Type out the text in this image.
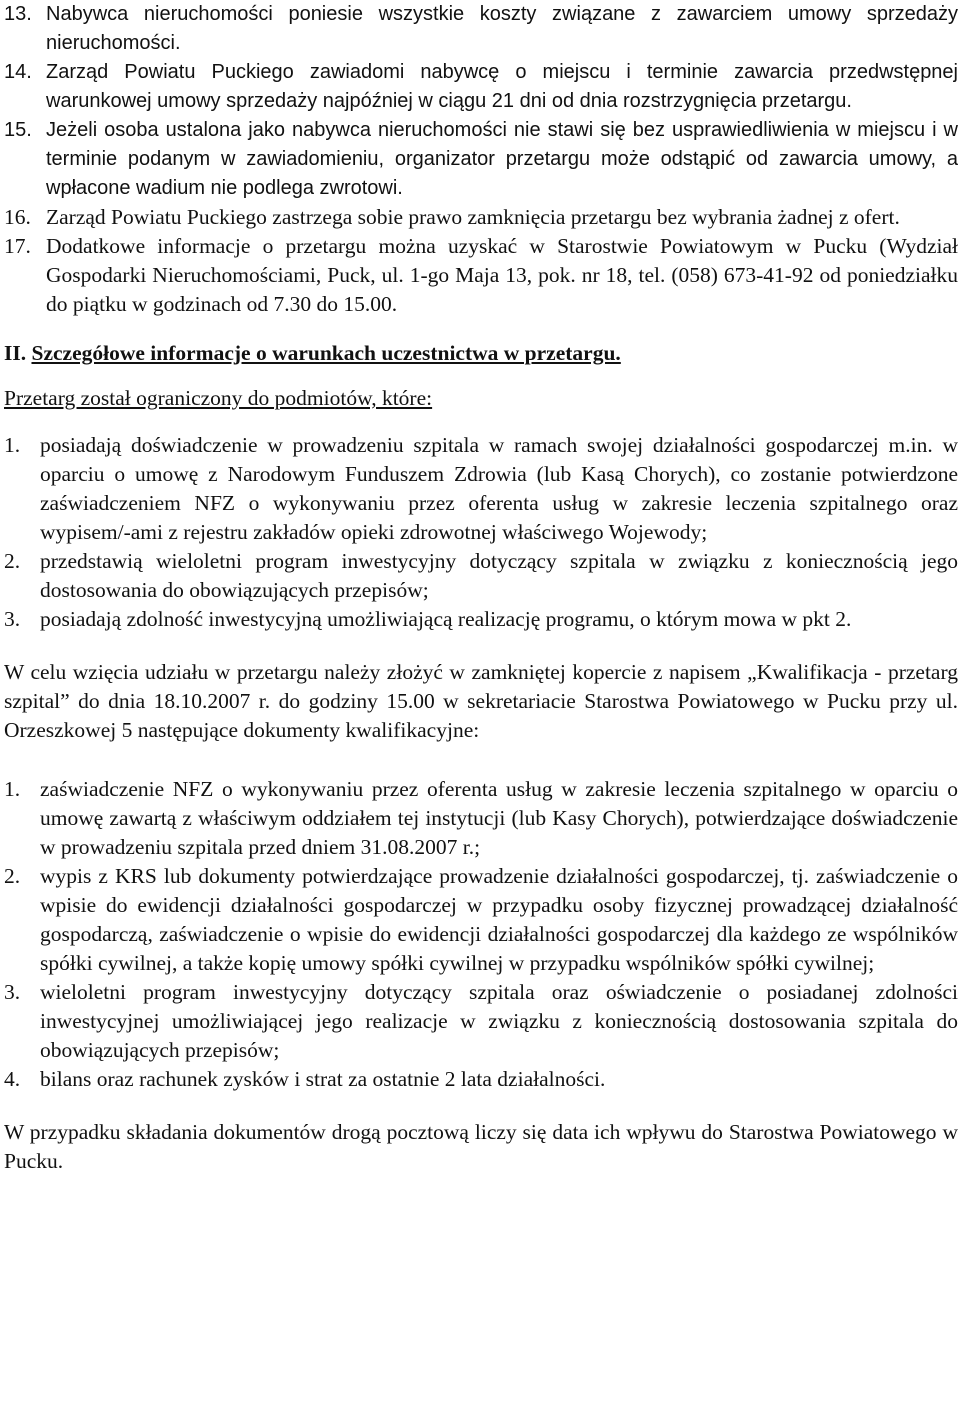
13. Nabywca nieruchomości poniesie wszystkie koszty związane z zawarciem umowy sprzedaży nieruchomości.
14. Zarząd Powiatu Puckiego zawiadomi nabywcę o miejscu i terminie zawarcia przedwstępnej warunkowej umowy sprzedaży najpóźniej w ciągu 21 dni od dnia rozstrzygnięcia przetargu.
15. Jeżeli osoba ustalona jako nabywca nieruchomości nie stawi się bez usprawiedliwienia w miejscu i w terminie podanym w zawiadomieniu, organizator przetargu może odstąpić od zawarcia umowy, a wpłacone wadium nie podlega zwrotowi.
16. Zarząd Powiatu Puckiego zastrzega sobie prawo zamknięcia przetargu bez wybrania żadnej z ofert.
17. Dodatkowe informacje o przetargu można uzyskać w Starostwie Powiatowym w Pucku (Wydział Gospodarki Nieruchomościami, Puck, ul. 1-go Maja 13, pok. nr 18, tel. (058) 673-41-92 od poniedziałku do piątku w godzinach od 7.30 do 15.00.
II. Szczegółowe informacje o warunkach uczestnictwa w przetargu.
Przetarg został ograniczony do podmiotów, które:
1. posiadają doświadczenie w prowadzeniu szpitala w ramach swojej działalności gospodarczej m.in. w oparciu o umowę z Narodowym Funduszem Zdrowia (lub Kasą Chorych), co zostanie potwierdzone zaświadczeniem NFZ o wykonywaniu przez oferenta usług w zakresie leczenia szpitalnego oraz wypisem/-ami z rejestru zakładów opieki zdrowotnej właściwego Wojewody;
2. przedstawią wieloletni program inwestycyjny dotyczący szpitala w związku z koniecznością jego dostosowania do obowiązujących przepisów;
3. posiadają zdolność inwestycyjną umożliwiającą realizację programu, o którym mowa w pkt 2.
W celu wzięcia udziału w przetargu należy złożyć w zamkniętej kopercie z napisem „Kwalifikacja - przetarg szpital” do dnia 18.10.2007 r. do godziny 15.00 w sekretariacie Starostwa Powiatowego w Pucku przy ul. Orzeszkowej 5 następujące dokumenty kwalifikacyjne:
1. zaświadczenie NFZ o wykonywaniu przez oferenta usług w zakresie leczenia szpitalnego w oparciu o umowę zawartą z właściwym oddziałem tej instytucji (lub Kasy Chorych), potwierdzające doświadczenie w prowadzeniu szpitala przed dniem 31.08.2007 r.;
2. wypis z KRS lub dokumenty potwierdzające prowadzenie działalności gospodarczej, tj. zaświadczenie o wpisie do ewidencji działalności gospodarczej w przypadku osoby fizycznej prowadzącej działalność gospodarczą, zaświadczenie o wpisie do ewidencji działalności gospodarczej dla każdego ze wspólników spółki cywilnej, a także kopię umowy spółki cywilnej w przypadku wspólników spółki cywilnej;
3. wieloletni program inwestycyjny dotyczący szpitala oraz oświadczenie o posiadanej zdolności inwestycyjnej umożliwiającej jego realizacje w związku z koniecznością dostosowania szpitala do obowiązujących przepisów;
4. bilans oraz rachunek zysków i strat za ostatnie 2 lata działalności.
W przypadku składania dokumentów drogą pocztową liczy się data ich wpływu do Starostwa Powiatowego w Pucku.
